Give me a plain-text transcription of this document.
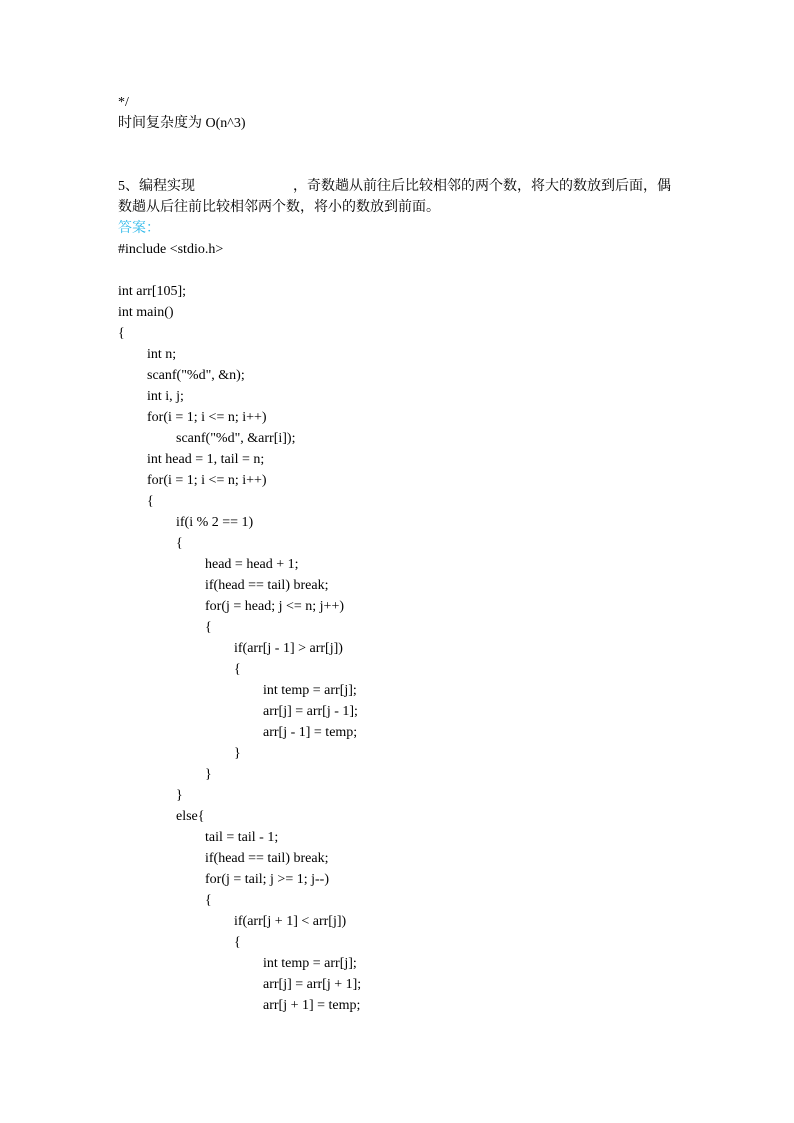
*/
时间复杂度为 O(n^3)

5、编程实现	，奇数趟从前往后比较相邻的两个数，将大的数放到后面，偶数趟从后往前比较相邻两个数，将小的数放到前面。

答案：
#include <stdio.h>
int arr[105];
int main()
{
int n;
scanf("%d", &n);
int i, j;
for(i = 1; i <= n; i++)
scanf("%d", &arr[i]);
int head = 1, tail = n;
for(i = 1; i <= n; i++)
{
if(i % 2 == 1)
{
head = head + 1;
if(head == tail) break;
for(j = head; j <= n; j++)
{
if(arr[j - 1] > arr[j])
{
int temp = arr[j];
arr[j] = arr[j - 1];
arr[j - 1] = temp;
}
}
}
else{
tail = tail - 1;
if(head == tail) break;
for(j = tail; j >= 1; j--)
{
if(arr[j + 1] < arr[j])
{
int temp = arr[j];
arr[j] = arr[j + 1];
arr[j + 1] = temp;
